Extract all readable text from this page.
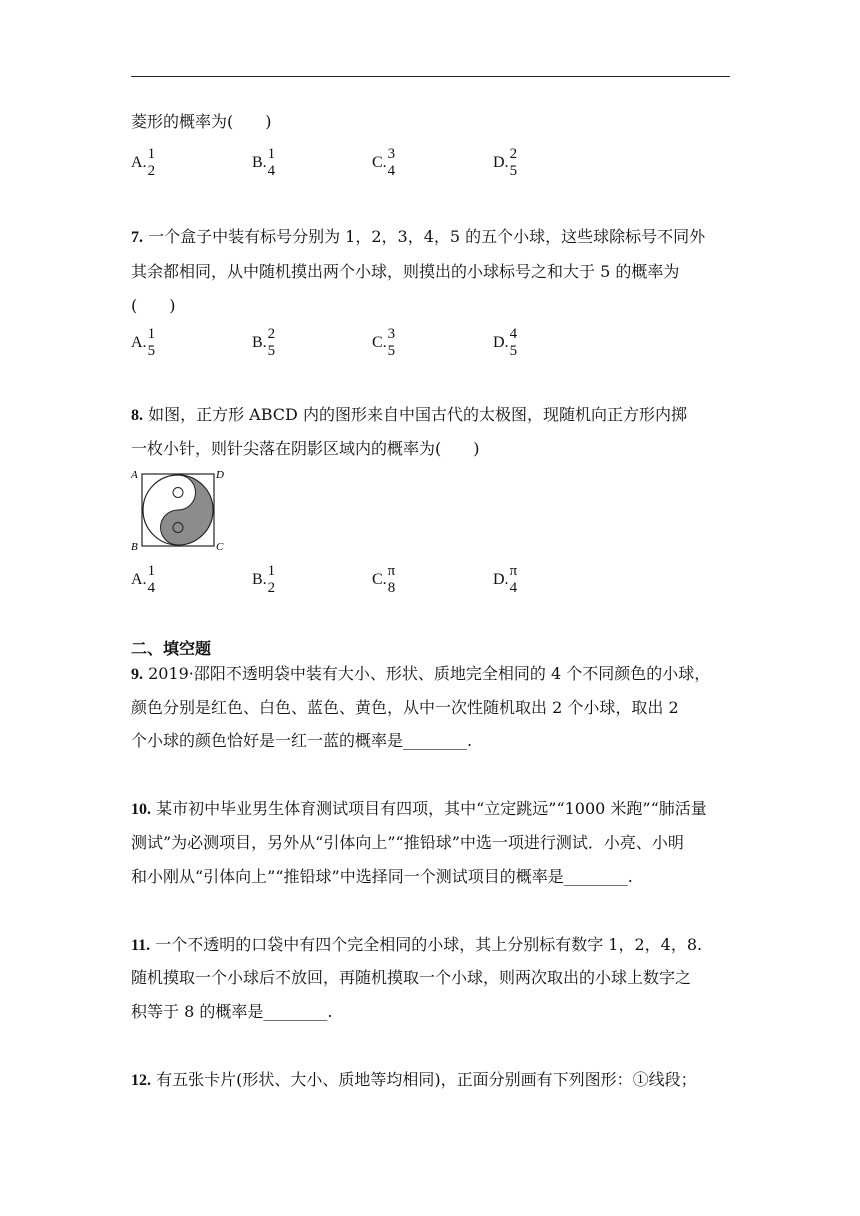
菱形的概率为(　　)
A. 1
2	B. 1
4	C. 3
4	D. 2
5
7. 一个盒子中装有标号分别为 1，2，3，4，5 的五个小球，这些球除标号不同外
其余都相同，从中随机摸出两个小球，则摸出的小球标号之和大于 5 的概率为
(　　)
A. 1
5	B. 2
5	C. 3
5	D. 4
5
8. 如图，正方形 ABCD 内的图形来自中国古代的太极图，现随机向正方形内掷
一枚小针，则针尖落在阴影区域内的概率为(　　)
A	D
B	C
A. 1
4	B. 1
2	C. π
8	D. π
4
二、填空题
9. 2019·邵阳不透明袋中装有大小、形状、质地完全相同的 4 个不同颜色的小球，
颜色分别是红色、白色、蓝色、黄色，从中一次性随机取出 2 个小球，取出 2
个小球的颜色恰好是一红一蓝的概率是________.
10. 某市初中毕业男生体育测试项目有四项，其中“立定跳远”“1000 米跑”“肺活量
测试”为必测项目，另外从“引体向上”“推铅球”中选一项进行测试．小亮、小明
和小刚从“引体向上”“推铅球”中选择同一个测试项目的概率是________.
11. 一个不透明的口袋中有四个完全相同的小球，其上分别标有数字 1，2，4，8.
随机摸取一个小球后不放回，再随机摸取一个小球，则两次取出的小球上数字之
积等于 8 的概率是________.
12. 有五张卡片(形状、大小、质地等均相同)，正面分别画有下列图形：①线段；
